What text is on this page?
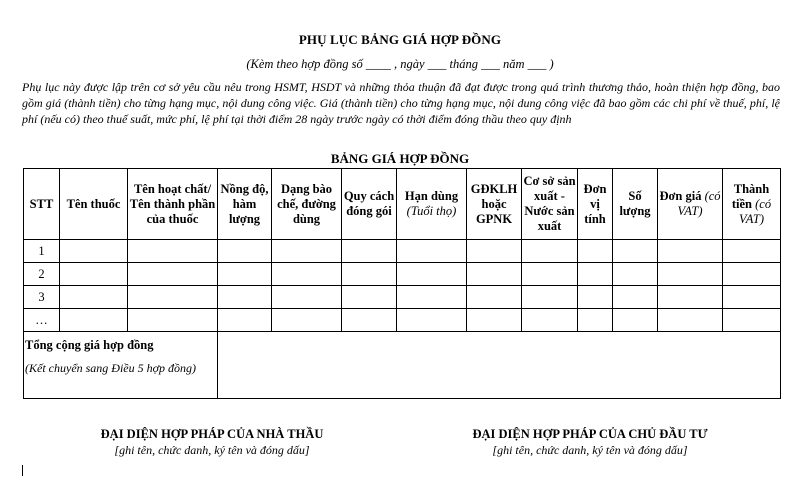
PHỤ LỤC BẢNG GIÁ HỢP ĐỒNG
(Kèm theo hợp đồng số ____ , ngày ___ tháng ___ năm ___ )
Phụ lục này được lập trên cơ sở yêu cầu nêu trong HSMT, HSDT và những thỏa thuận đã đạt được trong quá trình thương thảo, hoàn thiện hợp đồng, bao gồm giá (thành tiền) cho từng hạng mục, nội dung công việc. Giá (thành tiền) cho từng hạng mục, nội dung công việc đã bao gồm các chi phí về thuế, phí, lệ phí (nếu có) theo thuế suất, mức phí, lệ phí tại thời điểm 28 ngày trước ngày có thời điểm đóng thầu theo quy định
BẢNG GIÁ HỢP ĐỒNG
STT	Tên thuốc	Tên hoạt chất/ Tên thành phần của thuốc	Nồng độ, hàm lượng	Dạng bào chế, đường dùng	Quy cách đóng gói	Hạn dùng (Tuổi thọ)	GĐKLH hoặc GPNK	Cơ sở sản xuất - Nước sản xuất	Đơn vị tính	Số lượng	Đơn giá (có VAT)	Thành tiền (có VAT)
1												
2												
3												
…												

Tổng cộng giá hợp đồng
(Kết chuyển sang Điều 5 hợp đồng)												

ĐẠI DIỆN HỢP PHÁP CỦA NHÀ THẦU
[ghi tên, chức danh, ký tên và đóng dấu]
ĐẠI DIỆN HỢP PHÁP CỦA CHỦ ĐẦU TƯ
[ghi tên, chức danh, ký tên và đóng dấu]
